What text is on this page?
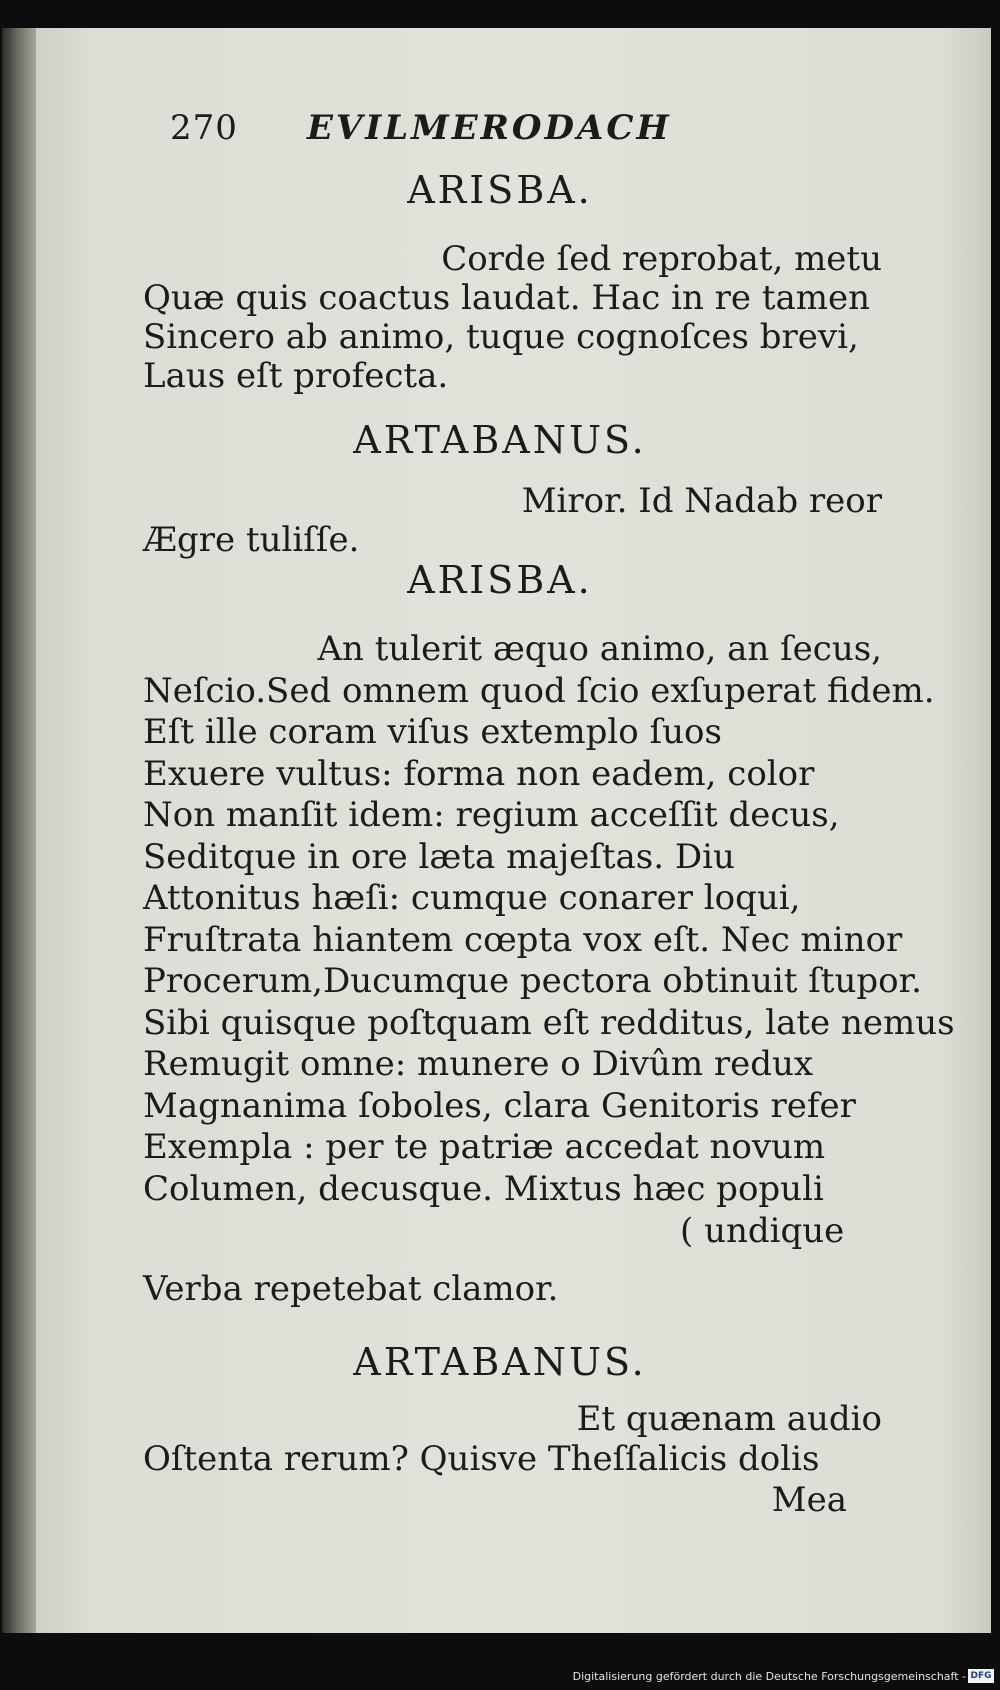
270 EVILMERODACH
ARISBA.
Corde ſed reprobat, metu
Quæ quis coactus laudat. Hac in re tamen
Sincero ab animo, tuque cognoſces brevi,
Laus eſt profecta.
ARTABANUS.
Miror. Id Nadab reor
Ægre tuliſſe.
ARISBA.
An tulerit æquo animo, an ſecus,
Neſcio.Sed omnem quod ſcio exſuperat fidem.
Eſt ille coram viſus extemplo ſuos
Exuere vultus: forma non eadem, color
Non manſit idem: regium acceſſit decus,
Seditque in ore læta majeſtas. Diu
Attonitus hæſi: cumque conarer loqui,
Fruſtrata hiantem cœpta vox eſt. Nec minor
Procerum,Ducumque pectora obtinuit ſtupor.
Sibi quisque poſtquam eſt redditus, late nemus
Remugit omne: munere o Divûm redux
Magnanima ſoboles, clara Genitoris refer
Exempla : per te patriæ accedat novum
Columen, decusque. Mixtus hæc populi
( undique
Verba repetebat clamor.
ARTABANUS.
Et quænam audio
Oſtenta rerum? Quisve Theſſalicis dolis
Mea
Digitalisierung gefördert durch die Deutsche Forschungsgemeinschaft - DFG
